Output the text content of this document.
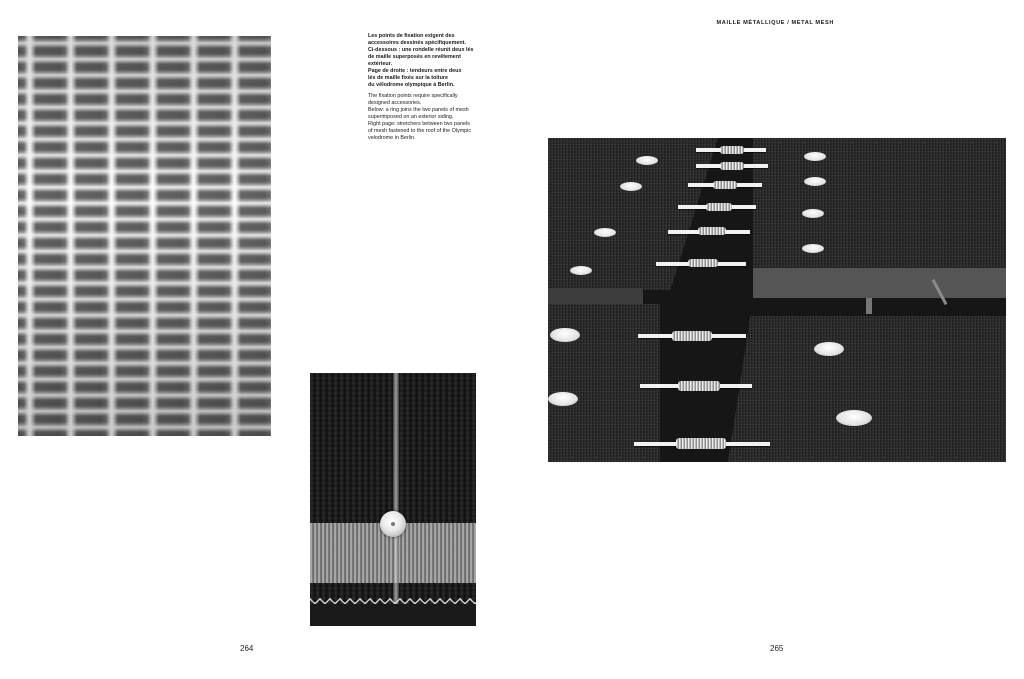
Les points de fixation exigent des
accessoires dessinés spécifiquement.
Ci-dessous : une rondelle réunit deux lés
de maille superposés en revêtement
extérieur.
Page de droite : tendeurs entre deux
lés de maille fixés sur la toiture
du vélodrome olympique à Berlin.

The fixation points require specifically
designed accessories.
Below: a ring joins the two panels of mesh
superimposed on an exterior siding.
Right page: stretchers between two panels
of mesh fastened to the roof of the Olympic
velodrome in Berlin.

264
MAILLE MÉTALLIQUE / METAL MESH
265
